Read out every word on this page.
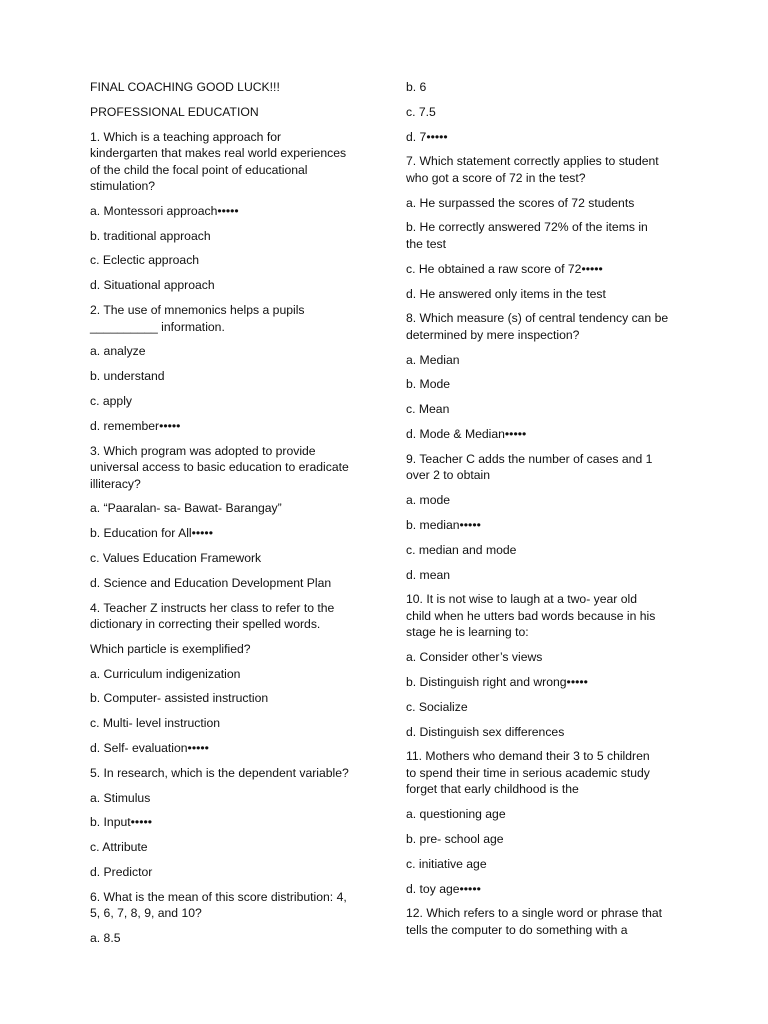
FINAL COACHING GOOD LUCK!!!

PROFESSIONAL EDUCATION

1. Which is a teaching approach for
kindergarten that makes real world experiences
of the child the focal point of educational
stimulation?

a. Montessori approach•••••

b. traditional approach

c. Eclectic approach

d. Situational approach

2. The use of mnemonics helps a pupils
__________ information.

a. analyze

b. understand

c. apply

d. remember•••••

3. Which program was adopted to provide
universal access to basic education to eradicate
illiteracy?

a. “Paaralan- sa- Bawat- Barangay”

b. Education for All•••••

c. Values Education Framework

d. Science and Education Development Plan

4. Teacher Z instructs her class to refer to the
dictionary in correcting their spelled words.

Which particle is exemplified?

a. Curriculum indigenization

b. Computer- assisted instruction

c. Multi- level instruction

d. Self- evaluation•••••

5. In research, which is the dependent variable?

a. Stimulus

b. Input•••••

c. Attribute

d. Predictor

6. What is the mean of this score distribution: 4,
5, 6, 7, 8, 9, and 10?

a. 8.5

b. 6

c. 7.5

d. 7•••••

7. Which statement correctly applies to student
who got a score of 72 in the test?

a. He surpassed the scores of 72 students

b. He correctly answered 72% of the items in
the test

c. He obtained a raw score of 72•••••

d. He answered only items in the test

8. Which measure (s) of central tendency can be
determined by mere inspection?

a. Median

b. Mode

c. Mean

d. Mode & Median•••••

9. Teacher C adds the number of cases and 1
over 2 to obtain

a. mode

b. median•••••

c. median and mode

d. mean

10. It is not wise to laugh at a two- year old
child when he utters bad words because in his
stage he is learning to:

a. Consider other’s views

b. Distinguish right and wrong•••••

c. Socialize

d. Distinguish sex differences

11. Mothers who demand their 3 to 5 children
to spend their time in serious academic study
forget that early childhood is the

a. questioning age

b. pre- school age

c. initiative age

d. toy age•••••

12. Which refers to a single word or phrase that
tells the computer to do something with a
